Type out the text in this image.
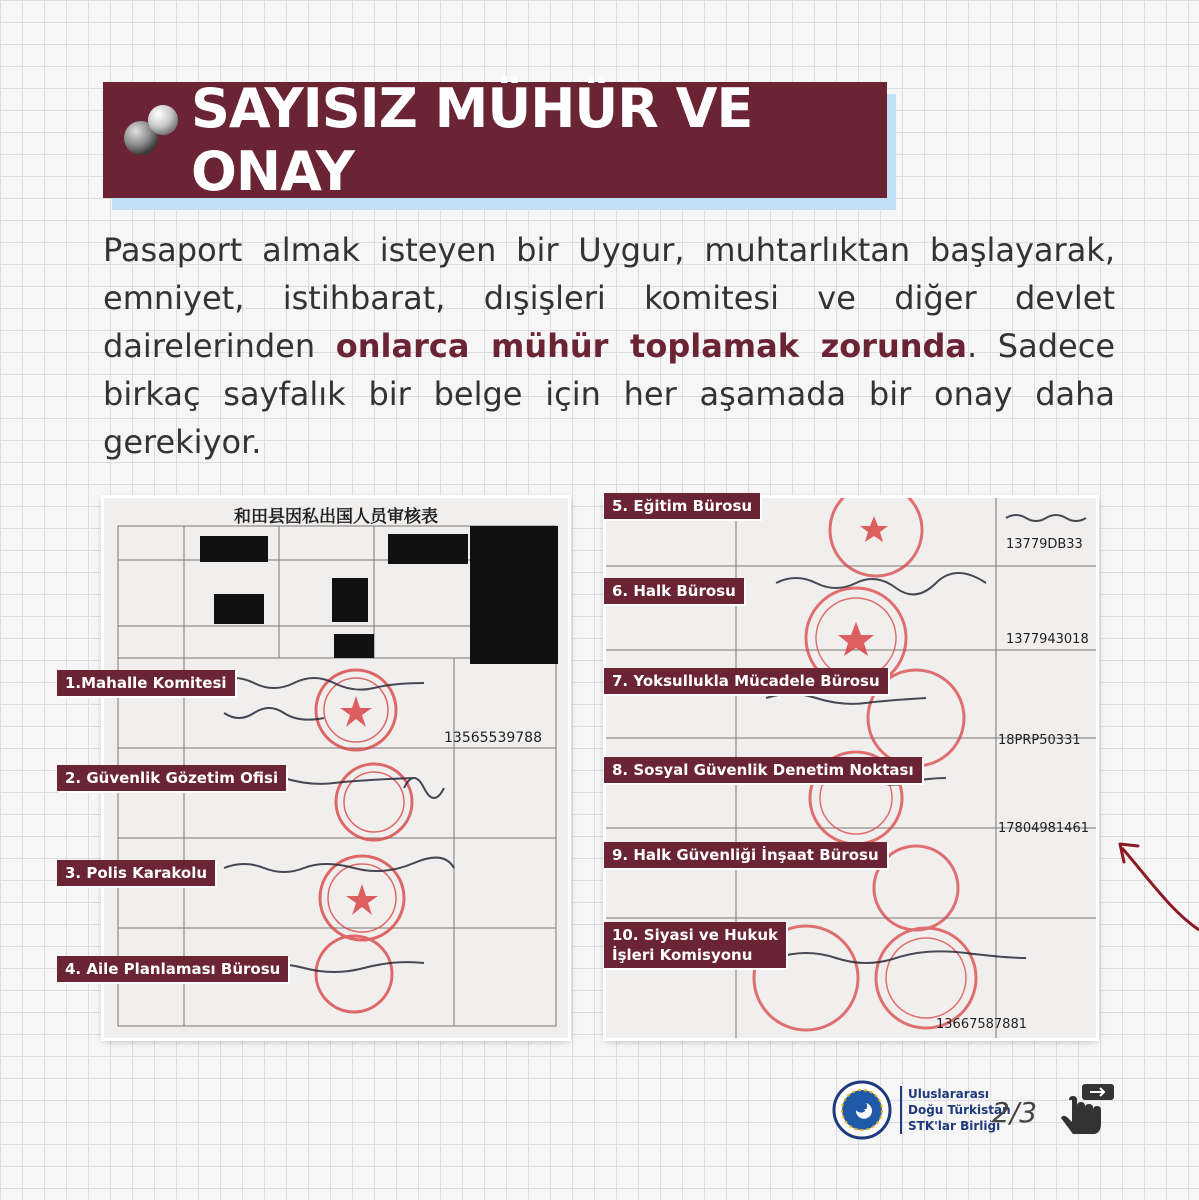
SAYISIZ MÜHÜR VE ONAY

Pasaport almak isteyen bir Uygur, muhtarlıktan başlayarak, emniyet, istihbarat, dışişleri komitesi ve diğer devlet dairelerinden onlarca mühür toplamak zorunda. Sadece birkaç sayfalık bir belge için her aşamada bir onay daha gerekiyor.

和田县因私出国人员审核表
13565539788
1.Mahalle Komitesi
2. Güvenlik Gözetim Ofisi
3. Polis Karakolu
4. Aile Planlaması Bürosu
13779DB33
1377943018
18PRP50331
17804981461
13667587881
5. Eğitim Bürosu
6. Halk Bürosu
7. Yoksullukla Mücadele Bürosu
8. Sosyal Güvenlik Denetim Noktası
9. Halk Güvenliği İnşaat Bürosu
10. Siyasi ve Hukuk
İşleri Komisyonu
Uluslararası
Doğu Türkistan
STK'lar Birliği
2/3
